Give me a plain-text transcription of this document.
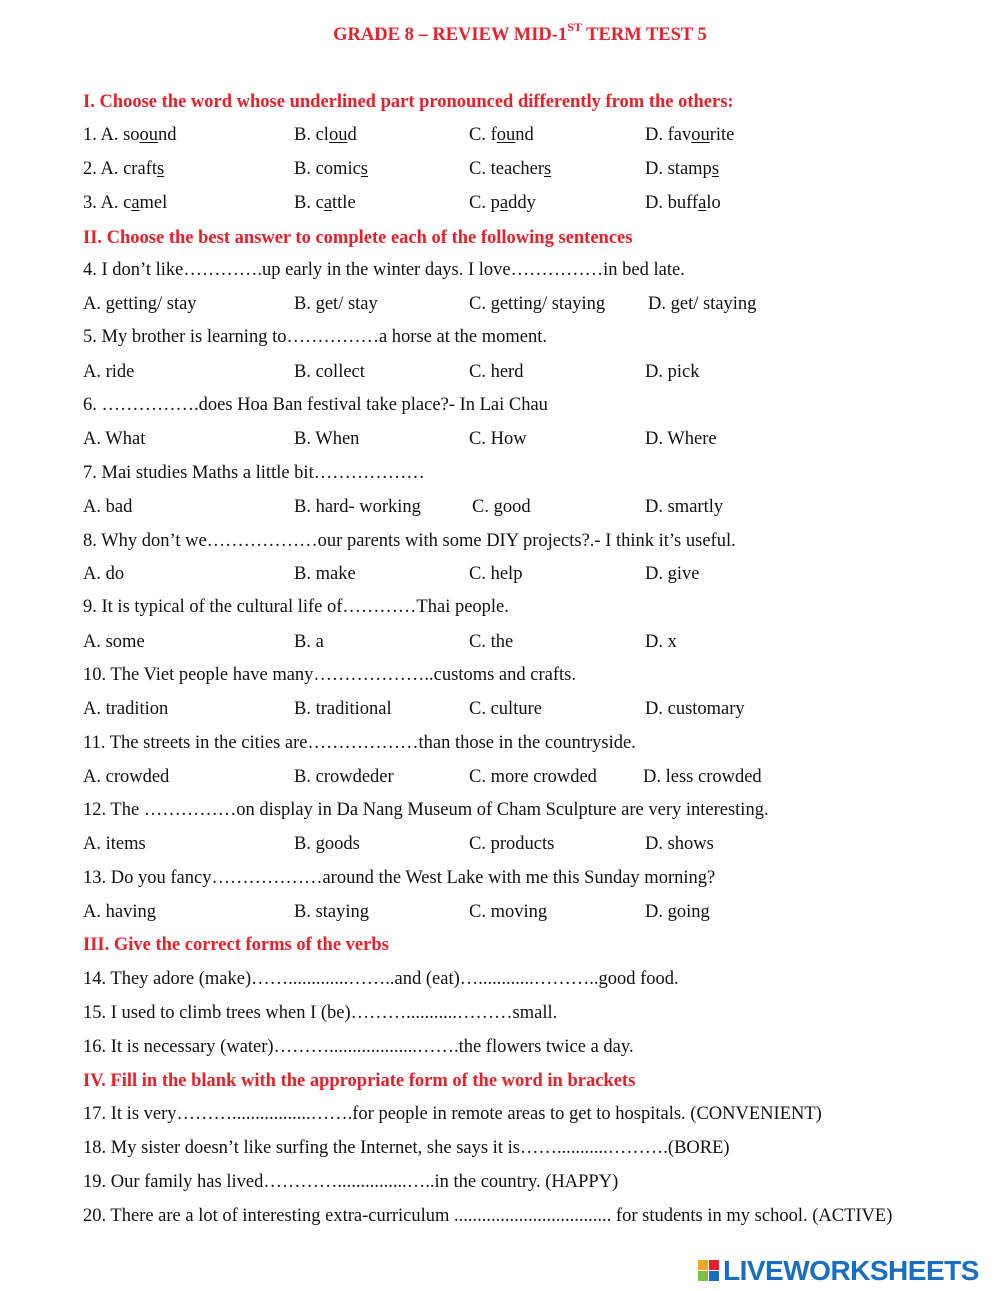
GRADE 8 – REVIEW MID-1ST TERM TEST 5
I. Choose the word whose underlined part pronounced differently from the others:
1. A. soound	B. cloud	C. found	D. favourite
2. A. crafts	B. comics	C. teachers	D. stamps
3. A. camel	B. cattle	C. paddy	D. buffalo
II. Choose the best answer to complete each of the following sentences
4. I don’t like………….up early in the winter days. I love……………in bed late.
A. getting/ stay	B. get/ stay	C. getting/ staying D. get/ staying
5. My brother is learning to……………a horse at the moment.
A. ride	B. collect	C. herd	D. pick
6. …………….does Hoa Ban festival take place?- In Lai Chau
A. What	B. When	C. How	D. Where
7. Mai studies Maths a little bit………………
A. bad	B. hard- working	C. good	D. smartly
8. Why don’t we………………our parents with some DIY projects?.- I think it’s useful.
A. do	B. make	C. help	D. give
9. It is typical of the cultural life of…………Thai people.
A. some	B. a	C. the	D. x
10. The Viet people have many………………..customs and crafts.
A. tradition	B. traditional	C. culture	D. customary
11. The streets in the cities are………………than those in the countryside.
A. crowded	B. crowdeder	C. more crowded D. less crowded
12. The ……………on display in Da Nang Museum of Cham Sculpture are very interesting.
A. items	B. goods	C. products	D. shows
13. Do you fancy………………around the West Lake with me this Sunday morning?
A. having	B. staying	C. moving	D. going
III. Give the correct forms of the verbs
14. They adore (make)…….............……..and (eat)…............………..good food.
15. I used to climb trees when I (be)………...........………small.
16. It is necessary (water)………...................…….the flowers twice a day.
IV. Fill in the blank with the appropriate form of the word in brackets
17. It is very……….................…….for people in remote areas to get to hospitals. (CONVENIENT)
18. My sister doesn’t like surfing the Internet, she says it is……...........……….(BORE)
19. Our family has lived…………...............…..in the country. (HAPPY)
20. There are a lot of interesting extra-curriculum .................................. for students in my school. (ACTIVE)
LIVEWORKSHEETS
